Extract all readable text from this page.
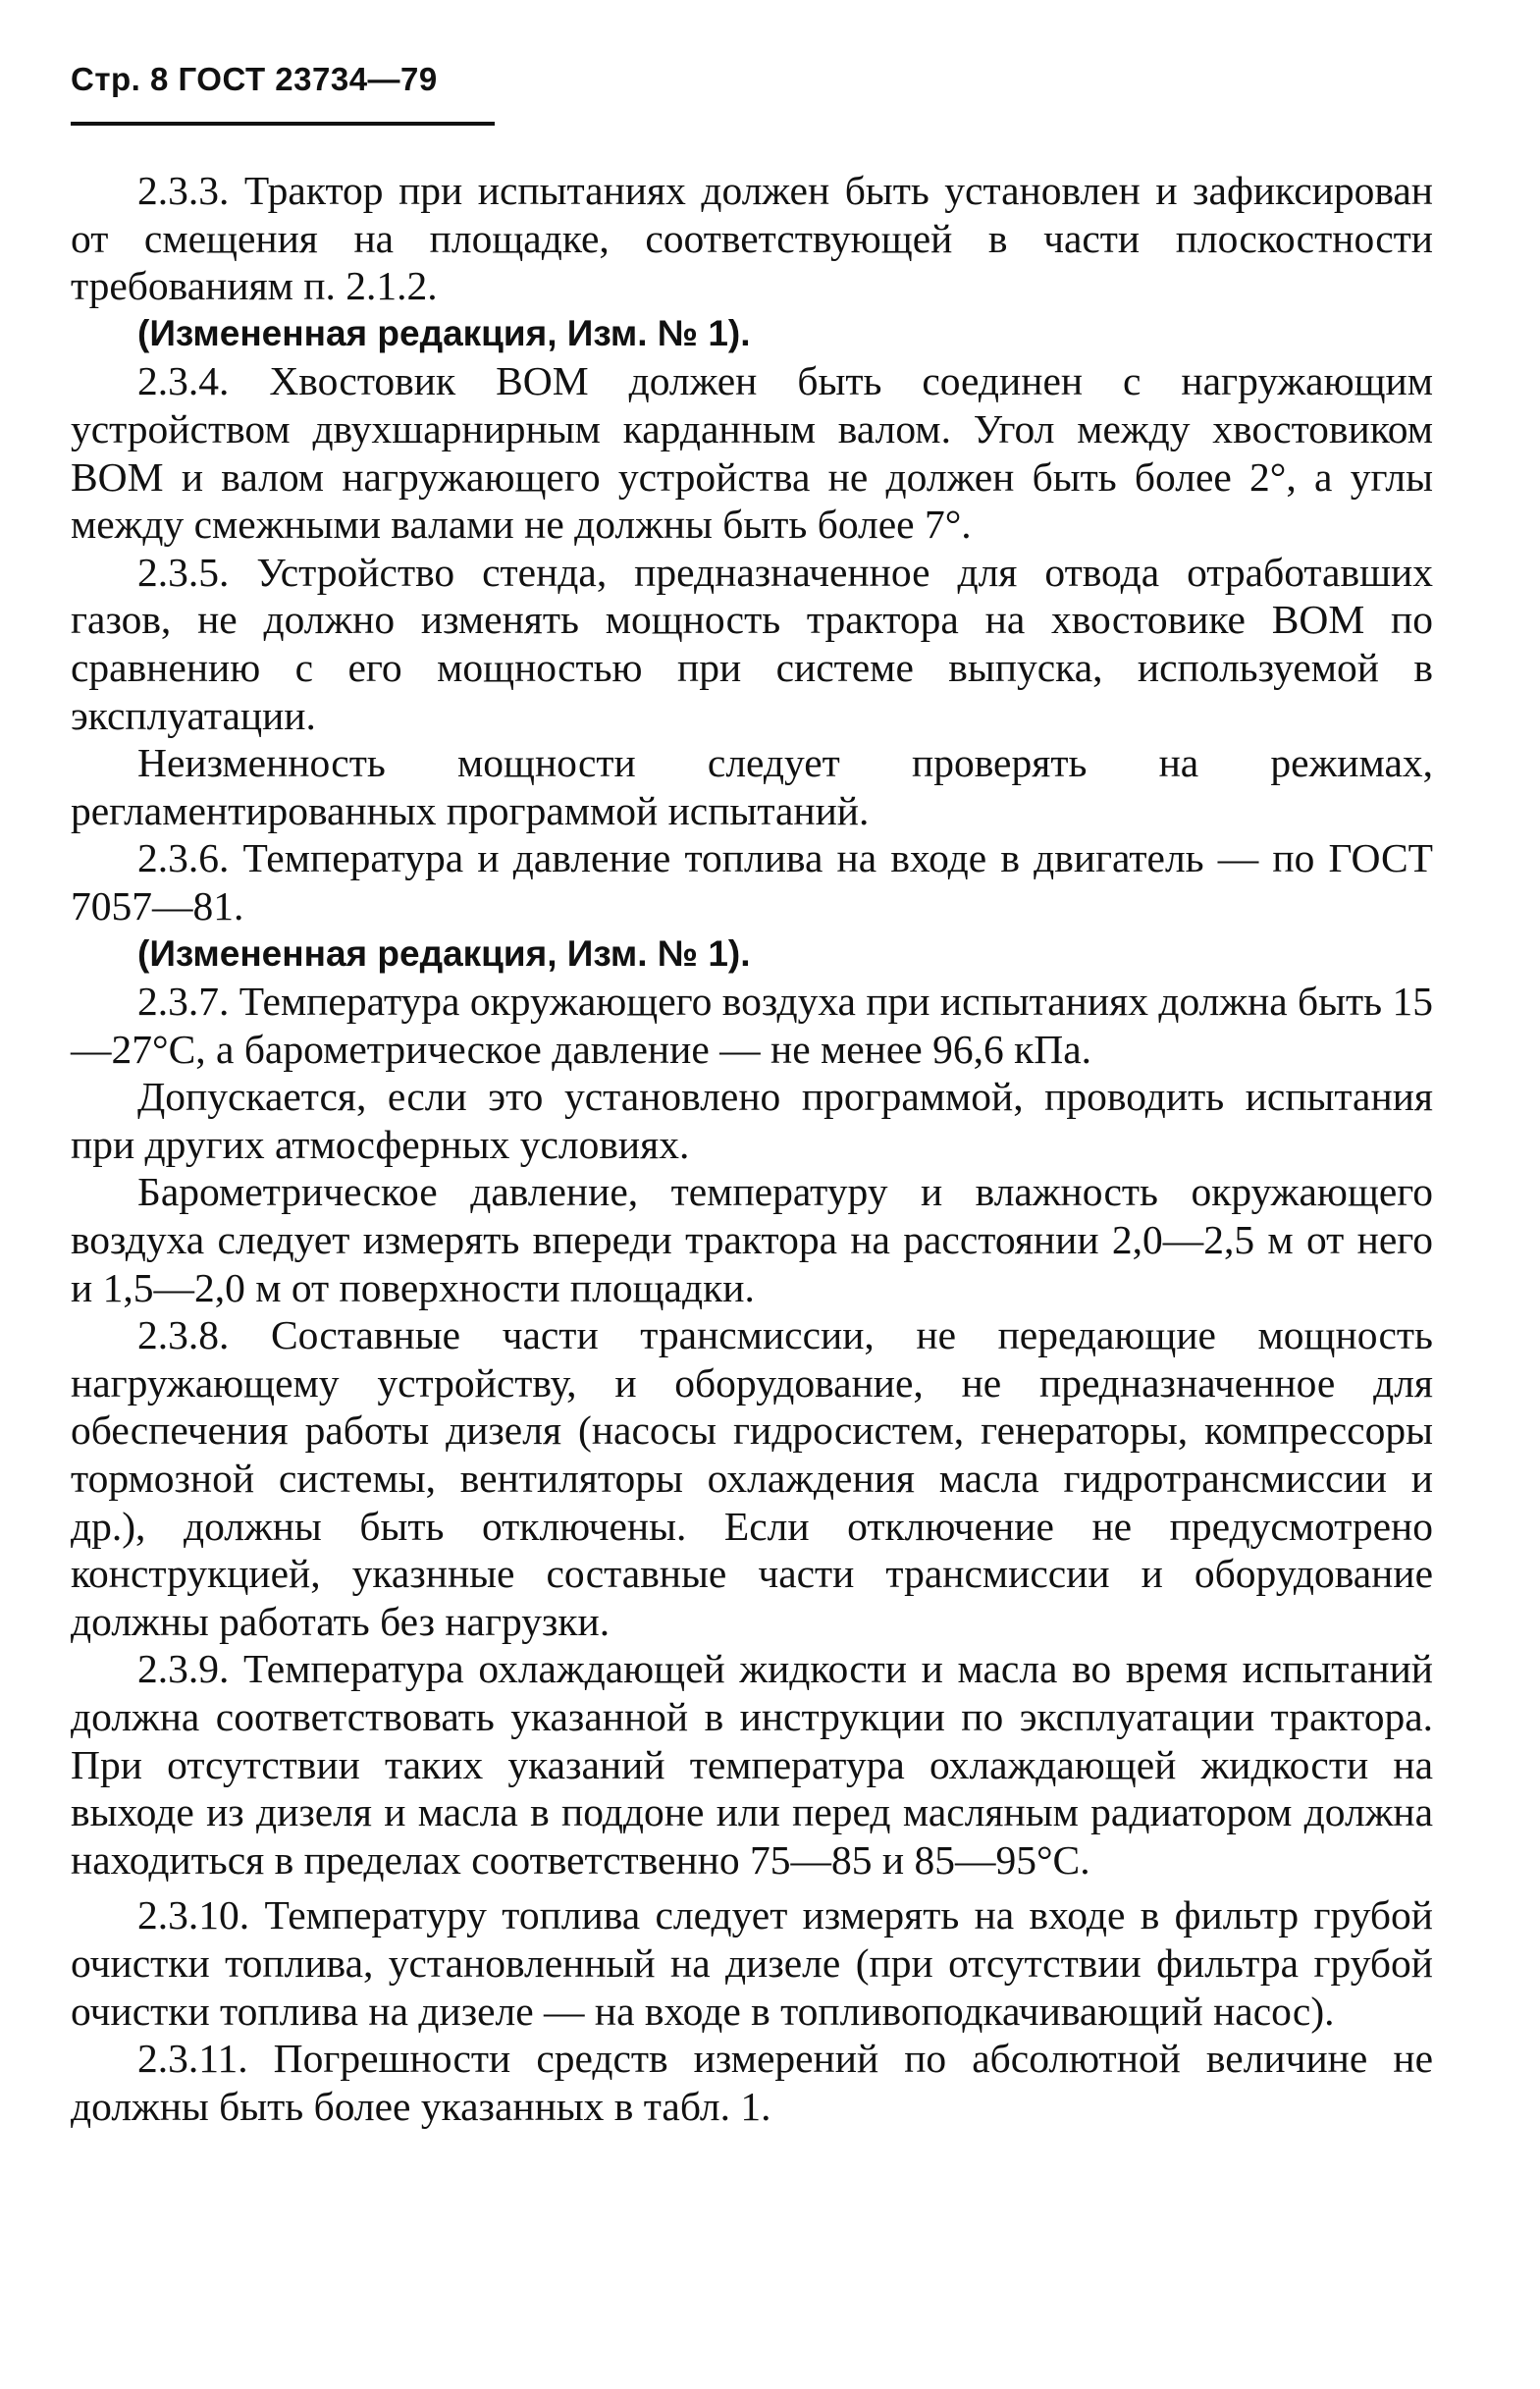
Стр. 8 ГОСТ 23734—79

2.3.3. Трактор при испытаниях должен быть установлен и зафиксирован от смещения на площадке, соответствующей в части плоскостности требованиям п. 2.1.2.

(Измененная редакция, Изм. № 1).

2.3.4. Хвостовик ВОМ должен быть соединен с нагружающим устройством двухшарнирным карданным валом. Угол между хвостовиком ВОМ и валом нагружающего устройства не должен быть более 2°, а углы между смежными валами не должны быть более 7°.

2.3.5. Устройство стенда, предназначенное для отвода отработавших газов, не должно изменять мощность трактора на хвостовике ВОМ по сравнению с его мощностью при системе выпуска, используемой в эксплуатации.

Неизменность мощности следует проверять на режимах, регламентированных программой испытаний.

2.3.6. Температура и давление топлива на входе в двигатель — по ГОСТ 7057—81.

(Измененная редакция, Изм. № 1).

2.3.7. Температура окружающего воздуха при испытаниях должна быть 15—27°C, а барометрическое давление — не менее 96,6 кПа.

Допускается, если это установлено программой, проводить испытания при других атмосферных условиях.

Барометрическое давление, температуру и влажность окружающего воздуха следует измерять впереди трактора на расстоянии 2,0—2,5 м от него и 1,5—2,0 м от поверхности площадки.

2.3.8. Составные части трансмиссии, не передающие мощность нагружающему устройству, и оборудование, не предназначенное для обеспечения работы дизеля (насосы гидросистем, генераторы, компрессоры тормозной системы, вентиляторы охлаждения масла гидротрансмиссии и др.), должны быть отключены. Если отключение не предусмотрено конструкцией, указнные составные части трансмиссии и оборудование должны работать без нагрузки.

2.3.9. Температура охлаждающей жидкости и масла во время испытаний должна соответствовать указанной в инструкции по эксплуатации трактора. При отсутствии таких указаний температура охлаждающей жидкости на выходе из дизеля и масла в поддоне или перед масляным радиатором должна находиться в пределах соответственно 75—85 и 85—95°C.

2.3.10. Температуру топлива следует измерять на входе в фильтр грубой очистки топлива, установленный на дизеле (при отсутствии фильтра грубой очистки топлива на дизеле — на входе в топливоподкачивающий насос).

2.3.11. Погрешности средств измерений по абсолютной величине не должны быть более указанных в табл. 1.
